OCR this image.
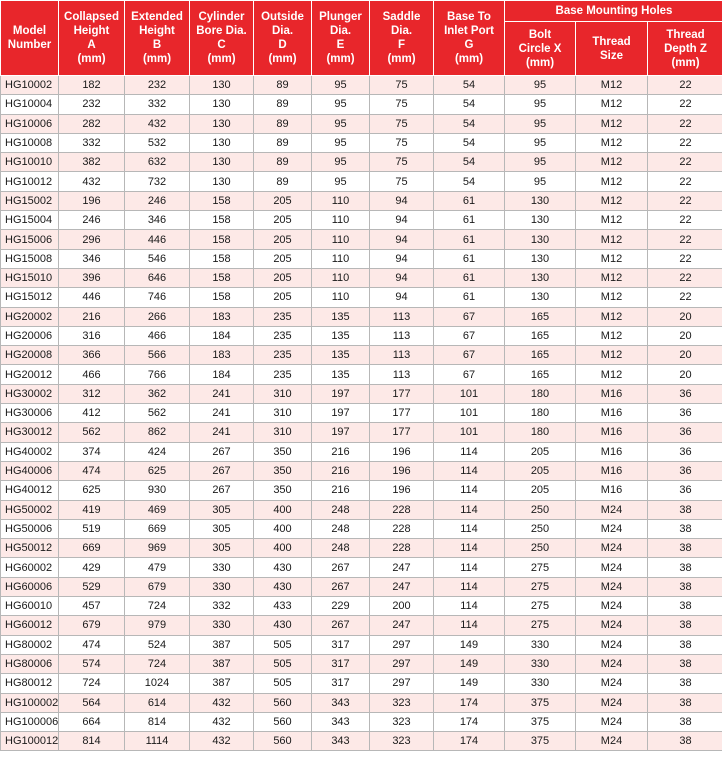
Model
Number	Collapsed
Height
A
(mm)	Extended
Height
B
(mm)	Cylinder
Bore Dia.
C
(mm)	Outside
Dia.
D
(mm)	Plunger
Dia.
E
(mm)	Saddle
Dia.
F
(mm)	Base To
Inlet Port
G
(mm)	Base Mounting Holes		

								Bolt
Circle X
(mm)	Thread
Size	Thread
Depth Z
(mm)

HG10002	182	232	130	89	95	75	54	95	M12	22
HG10004	232	332	130	89	95	75	54	95	M12	22
HG10006	282	432	130	89	95	75	54	95	M12	22
HG10008	332	532	130	89	95	75	54	95	M12	22
HG10010	382	632	130	89	95	75	54	95	M12	22
HG10012	432	732	130	89	95	75	54	95	M12	22
HG15002	196	246	158	205	110	94	61	130	M12	22
HG15004	246	346	158	205	110	94	61	130	M12	22
HG15006	296	446	158	205	110	94	61	130	M12	22
HG15008	346	546	158	205	110	94	61	130	M12	22
HG15010	396	646	158	205	110	94	61	130	M12	22
HG15012	446	746	158	205	110	94	61	130	M12	22
HG20002	216	266	183	235	135	113	67	165	M12	20
HG20006	316	466	184	235	135	113	67	165	M12	20
HG20008	366	566	183	235	135	113	67	165	M12	20
HG20012	466	766	184	235	135	113	67	165	M12	20
HG30002	312	362	241	310	197	177	101	180	M16	36
HG30006	412	562	241	310	197	177	101	180	M16	36
HG30012	562	862	241	310	197	177	101	180	M16	36
HG40002	374	424	267	350	216	196	114	205	M16	36
HG40006	474	625	267	350	216	196	114	205	M16	36
HG40012	625	930	267	350	216	196	114	205	M16	36
HG50002	419	469	305	400	248	228	114	250	M24	38
HG50006	519	669	305	400	248	228	114	250	M24	38
HG50012	669	969	305	400	248	228	114	250	M24	38
HG60002	429	479	330	430	267	247	114	275	M24	38
HG60006	529	679	330	430	267	247	114	275	M24	38
HG60010	457	724	332	433	229	200	114	275	M24	38
HG60012	679	979	330	430	267	247	114	275	M24	38
HG80002	474	524	387	505	317	297	149	330	M24	38
HG80006	574	724	387	505	317	297	149	330	M24	38
HG80012	724	1024	387	505	317	297	149	330	M24	38
HG100002	564	614	432	560	343	323	174	375	M24	38
HG100006	664	814	432	560	343	323	174	375	M24	38
HG100012	814	1114	432	560	343	323	174	375	M24	38
